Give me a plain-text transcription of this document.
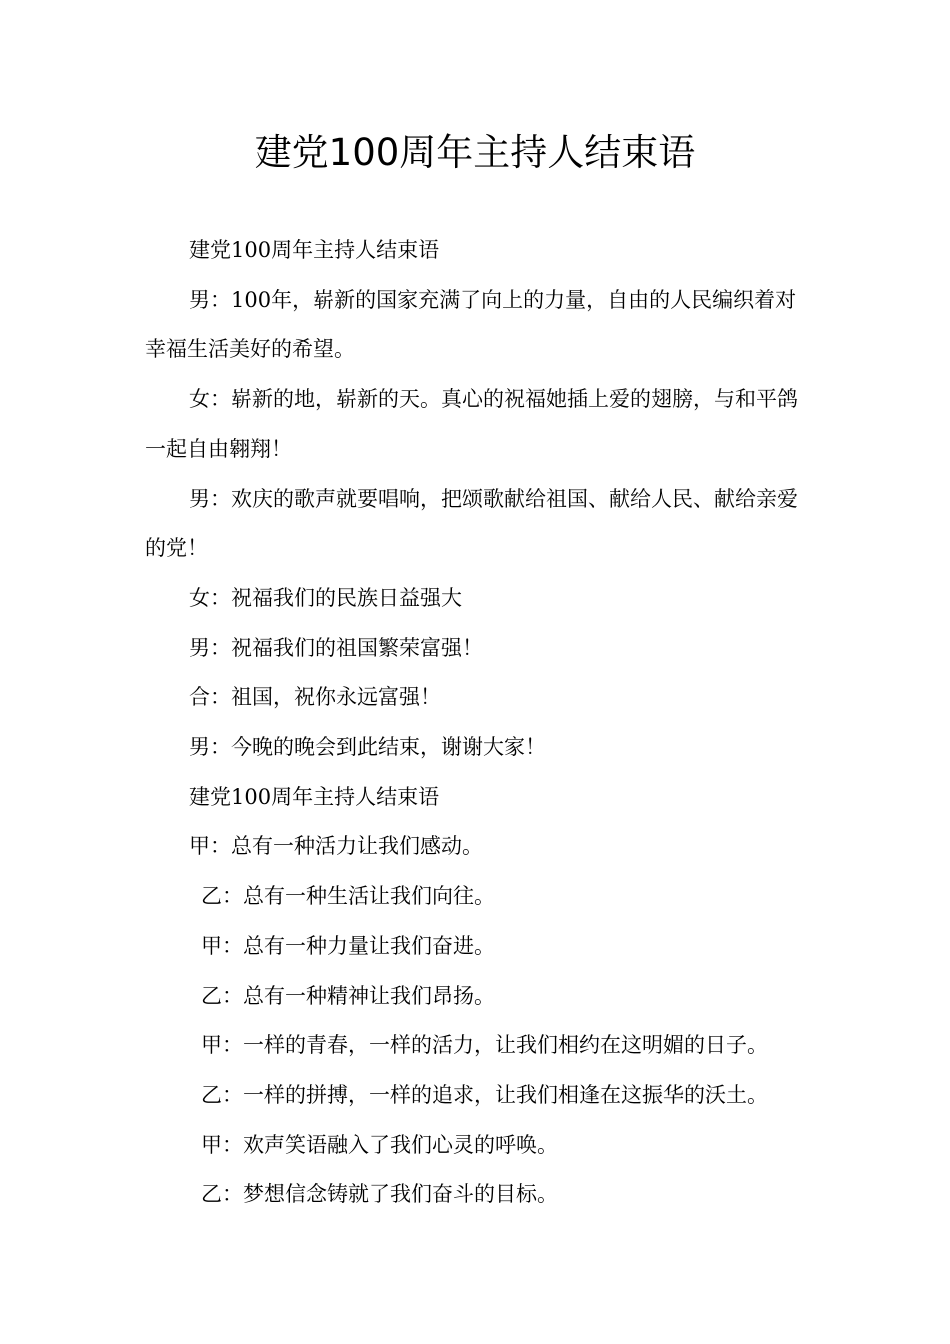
建党100周年主持人结束语

建党100周年主持人结束语

男：100年，崭新的国家充满了向上的力量，自由的人民编织着对幸福生活美好的希望。

女：崭新的地，崭新的天。真心的祝福她插上爱的翅膀，与和平鸽一起自由翱翔！

男：欢庆的歌声就要唱响，把颂歌献给祖国、献给人民、献给亲爱的党！

女：祝福我们的民族日益强大

男：祝福我们的祖国繁荣富强！

合：祖国，祝你永远富强！

男：今晚的晚会到此结束，谢谢大家！

建党100周年主持人结束语

甲：总有一种活力让我们感动。

乙：总有一种生活让我们向往。

甲：总有一种力量让我们奋进。

乙：总有一种精神让我们昂扬。

甲：一样的青春，一样的活力，让我们相约在这明媚的日子。

乙：一样的拼搏，一样的追求，让我们相逢在这振华的沃土。

甲：欢声笑语融入了我们心灵的呼唤。

乙：梦想信念铸就了我们奋斗的目标。
